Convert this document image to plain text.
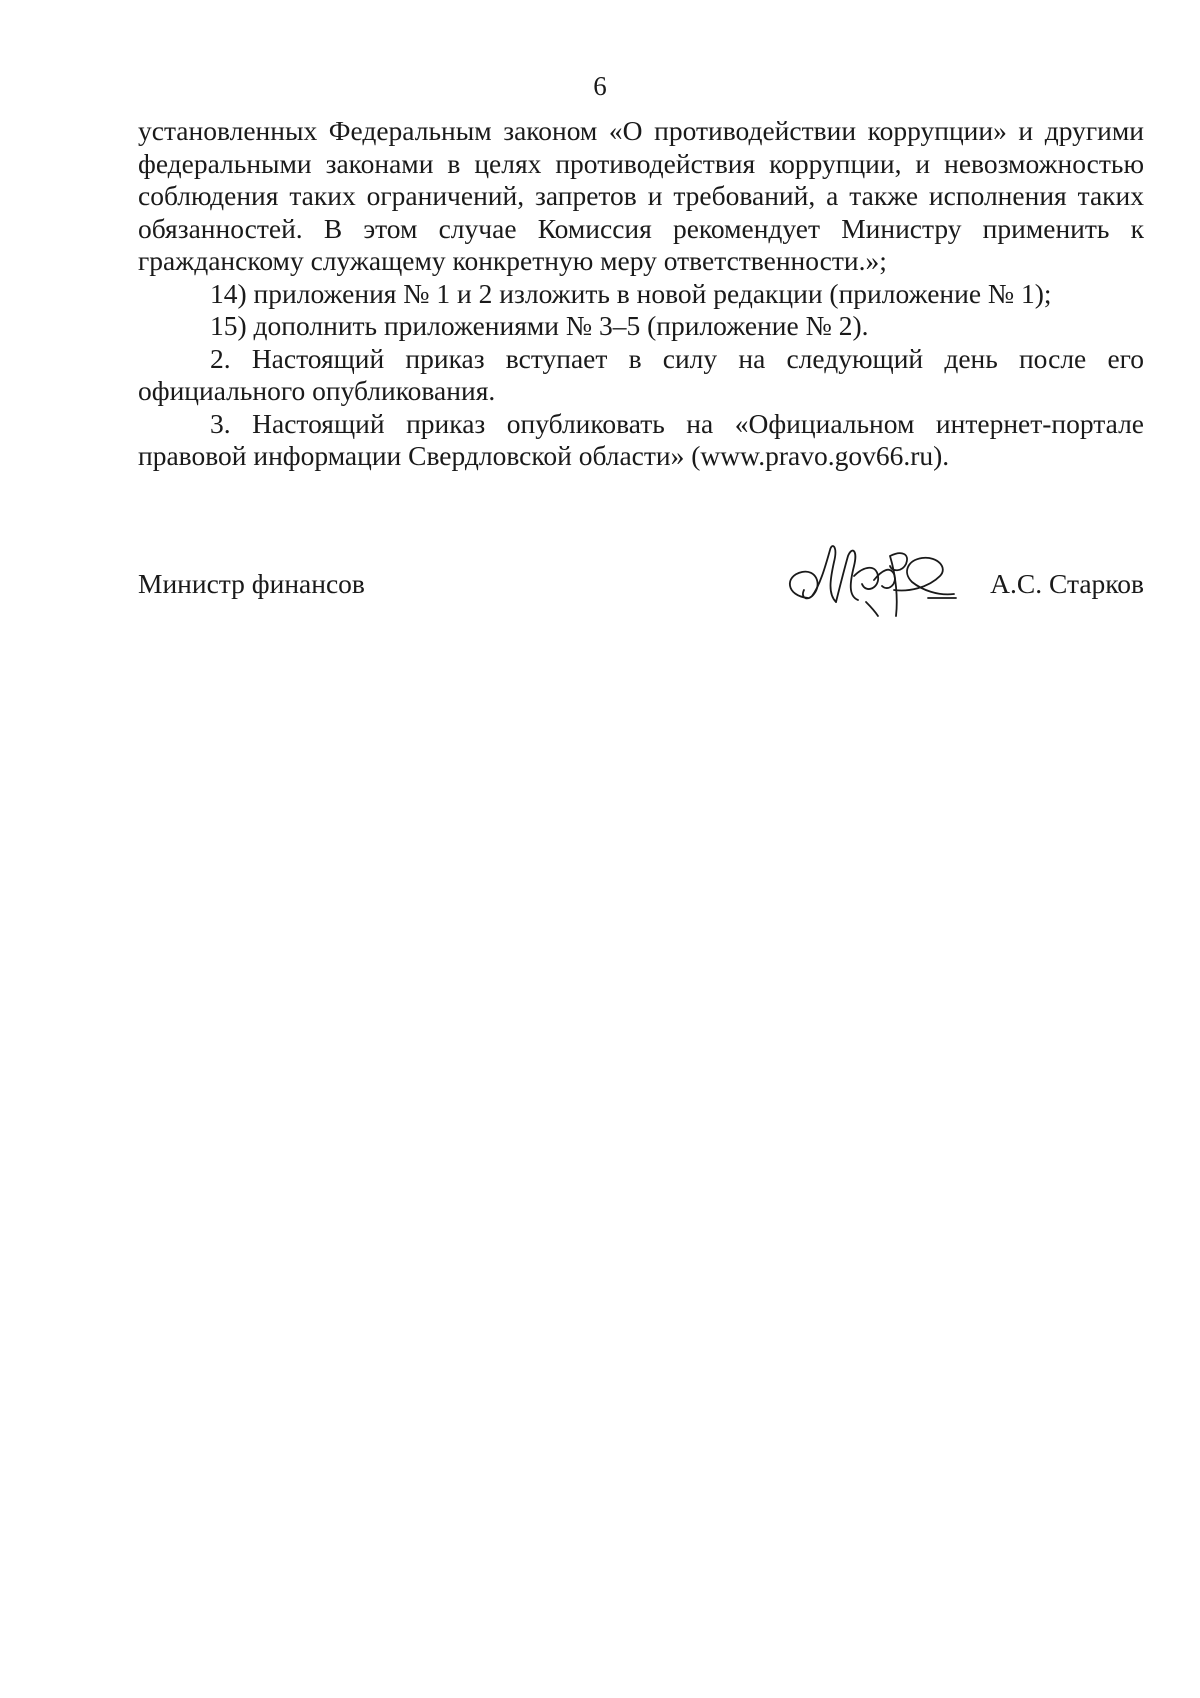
6

установленных Федеральным законом «О противодействии коррупции» и другими федеральными законами в целях противодействия коррупции, и невозможностью соблюдения таких ограничений, запретов и требований, а также исполнения таких обязанностей. В этом случае Комиссия рекомендует Министру применить к гражданскому служащему конкретную меру ответственности.»;

14) приложения № 1 и 2 изложить в новой редакции (приложение № 1);

15) дополнить приложениями № 3–5 (приложение № 2).

2. Настоящий приказ вступает в силу на следующий день после его официального опубликования.

3. Настоящий приказ опубликовать на «Официальном интернет-портале правовой информации Свердловской области» (www.pravo.gov66.ru).

Министр финансов	А.С. Старков
